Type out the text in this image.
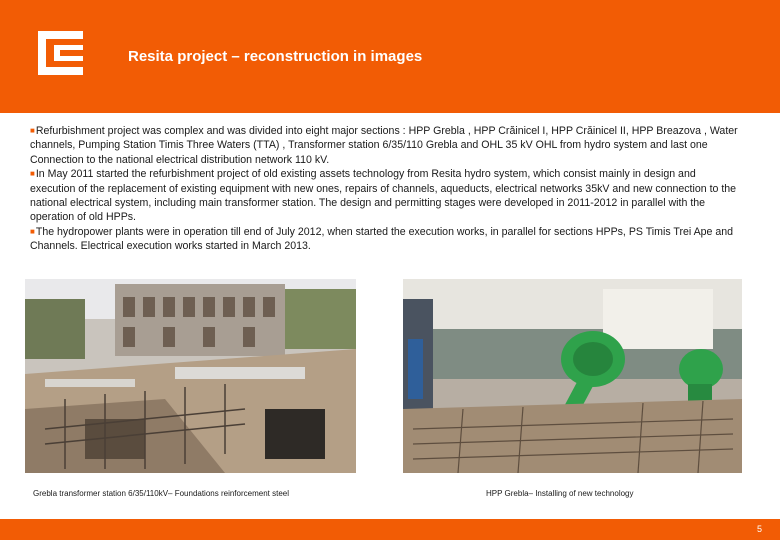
Resita project – reconstruction in images

■Refurbishment project was complex and was divided into eight major sections : HPP Grebla , HPP Crăinicel I, HPP Crăinicel II, HPP Breazova , Water channels, Pumping Station Timis Three Waters (TTA) , Transformer station 6/35/110 Grebla and OHL 35 kV OHL from hydro system and last one Connection to the national electrical distribution network 110 kV.

■In May 2011 started the refurbishment project of old existing assets technology from Resita hydro system, which consist mainly in design and execution of the replacement of existing equipment with new ones, repairs of channels, aqueducts, electrical networks 35kV and new connection to the national electrical system, including main transformer station. The design and permitting stages were developed in 2011-2012 in parallel with the operation of old HPPs.

■The hydropower plants were in operation till end of July 2012, when started the execution works, in parallel for sections HPPs, PS Timis Trei Ape and Channels. Electrical execution works started in March 2013.

Grebla transformer station 6/35/110kV– Foundations reinforcement steel	HPP Grebla– Installing of new technology
5
